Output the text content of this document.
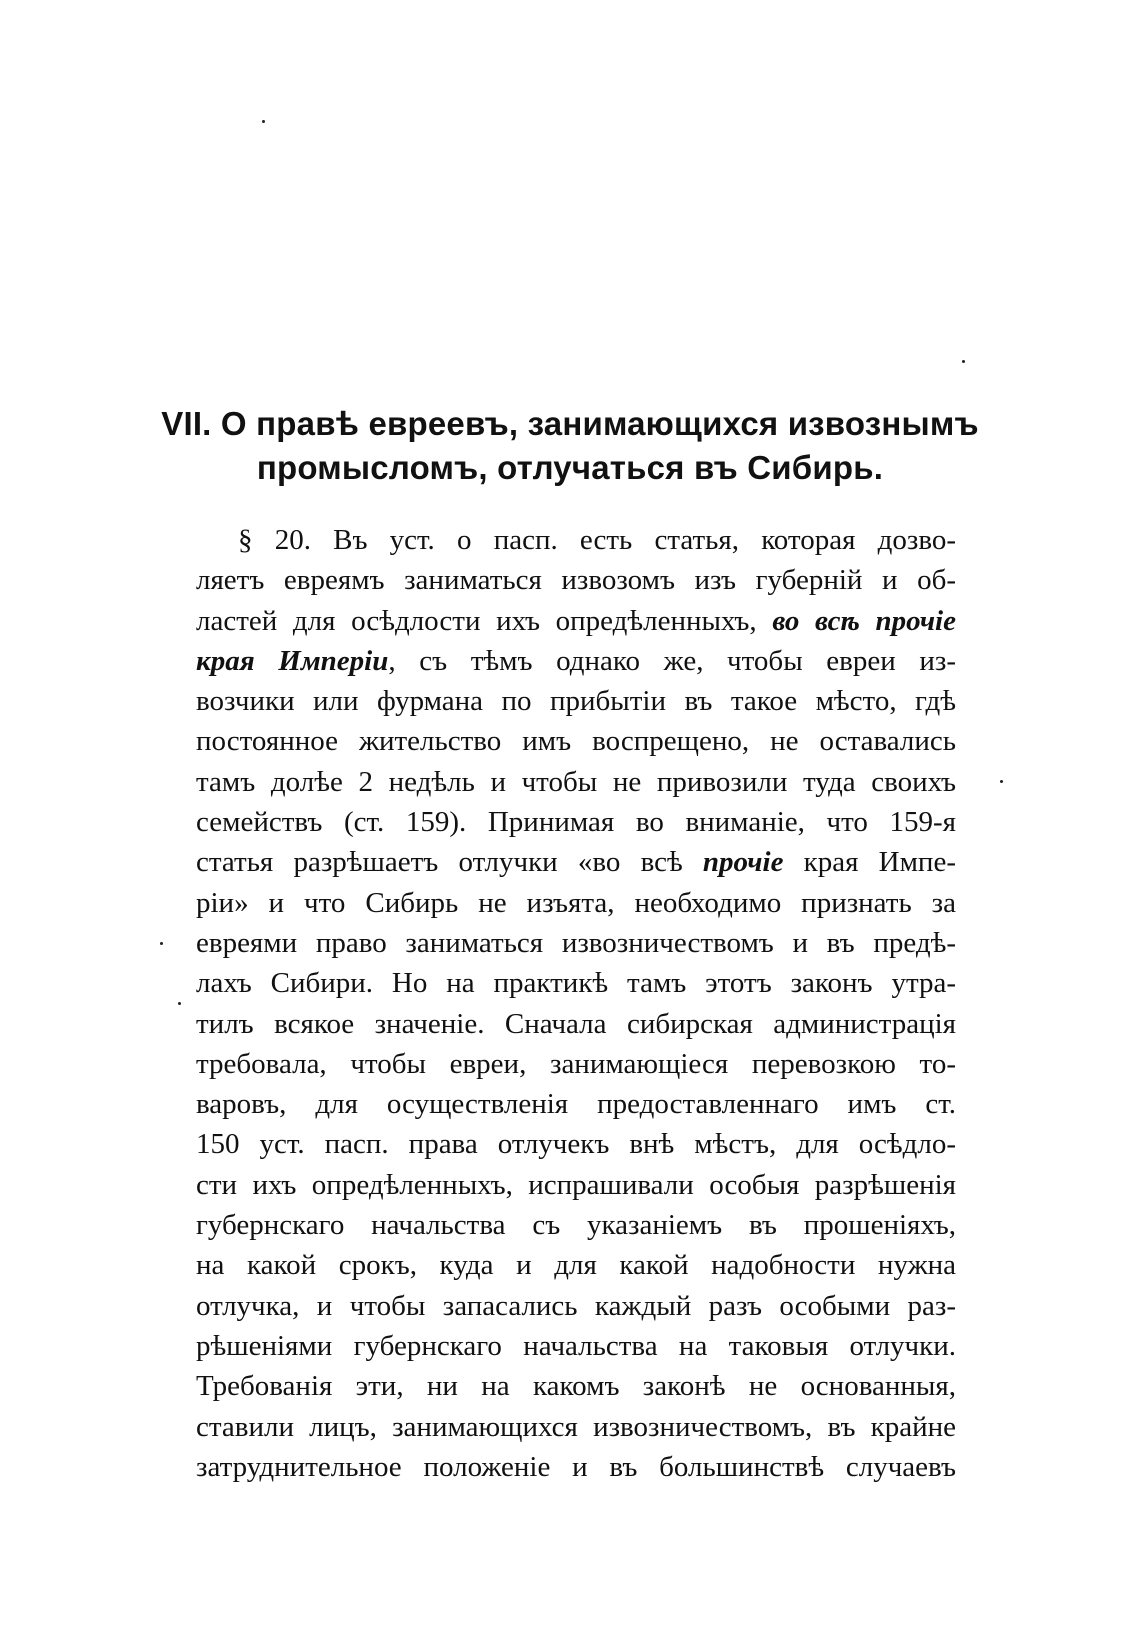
VII. О правѣ евреевъ, занимающихся извознымъ
промысломъ, отлучаться въ Сибирь.
§ 20. Въ уст. о пасп. есть статья, которая дозво-
ляетъ евреямъ заниматься извозомъ изъ губерній и об-
ластей для осѣдлости ихъ опредѣленныхъ, во всѣ прочіе
края Имперіи, съ тѣмъ однако же, чтобы евреи из-
возчики или фурмана по прибытіи въ такое мѣсто, гдѣ
постоянное жительство имъ воспрещено, не оставались
тамъ долѣе 2 недѣль и чтобы не привозили туда своихъ
семействъ (ст. 159). Принимая во вниманіе, что 159-я
статья разрѣшаетъ отлучки «во всѣ прочіе края Импе-
ріи» и что Сибирь не изъята, необходимо признать за
евреями право заниматься извозничествомъ и въ предѣ-
лахъ Сибири. Но на практикѣ тамъ этотъ законъ утра-
тилъ всякое значеніе. Сначала сибирская администрація
требовала, чтобы евреи, занимающіеся перевозкою то-
варовъ, для осуществленія предоставленнаго имъ ст.
150 уст. пасп. права отлучекъ внѣ мѣстъ, для осѣдло-
сти ихъ опредѣленныхъ, испрашивали особыя разрѣшенія
губернскаго начальства съ указаніемъ въ прошеніяхъ,
на какой срокъ, куда и для какой надобности нужна
отлучка, и чтобы запасались каждый разъ особыми раз-
рѣшеніями губернскаго начальства на таковыя отлучки.
Требованія эти, ни на какомъ законѣ не основанныя,
ставили лицъ, занимающихся извозничествомъ, въ крайне
затруднительное положеніе и въ большинствѣ случаевъ
